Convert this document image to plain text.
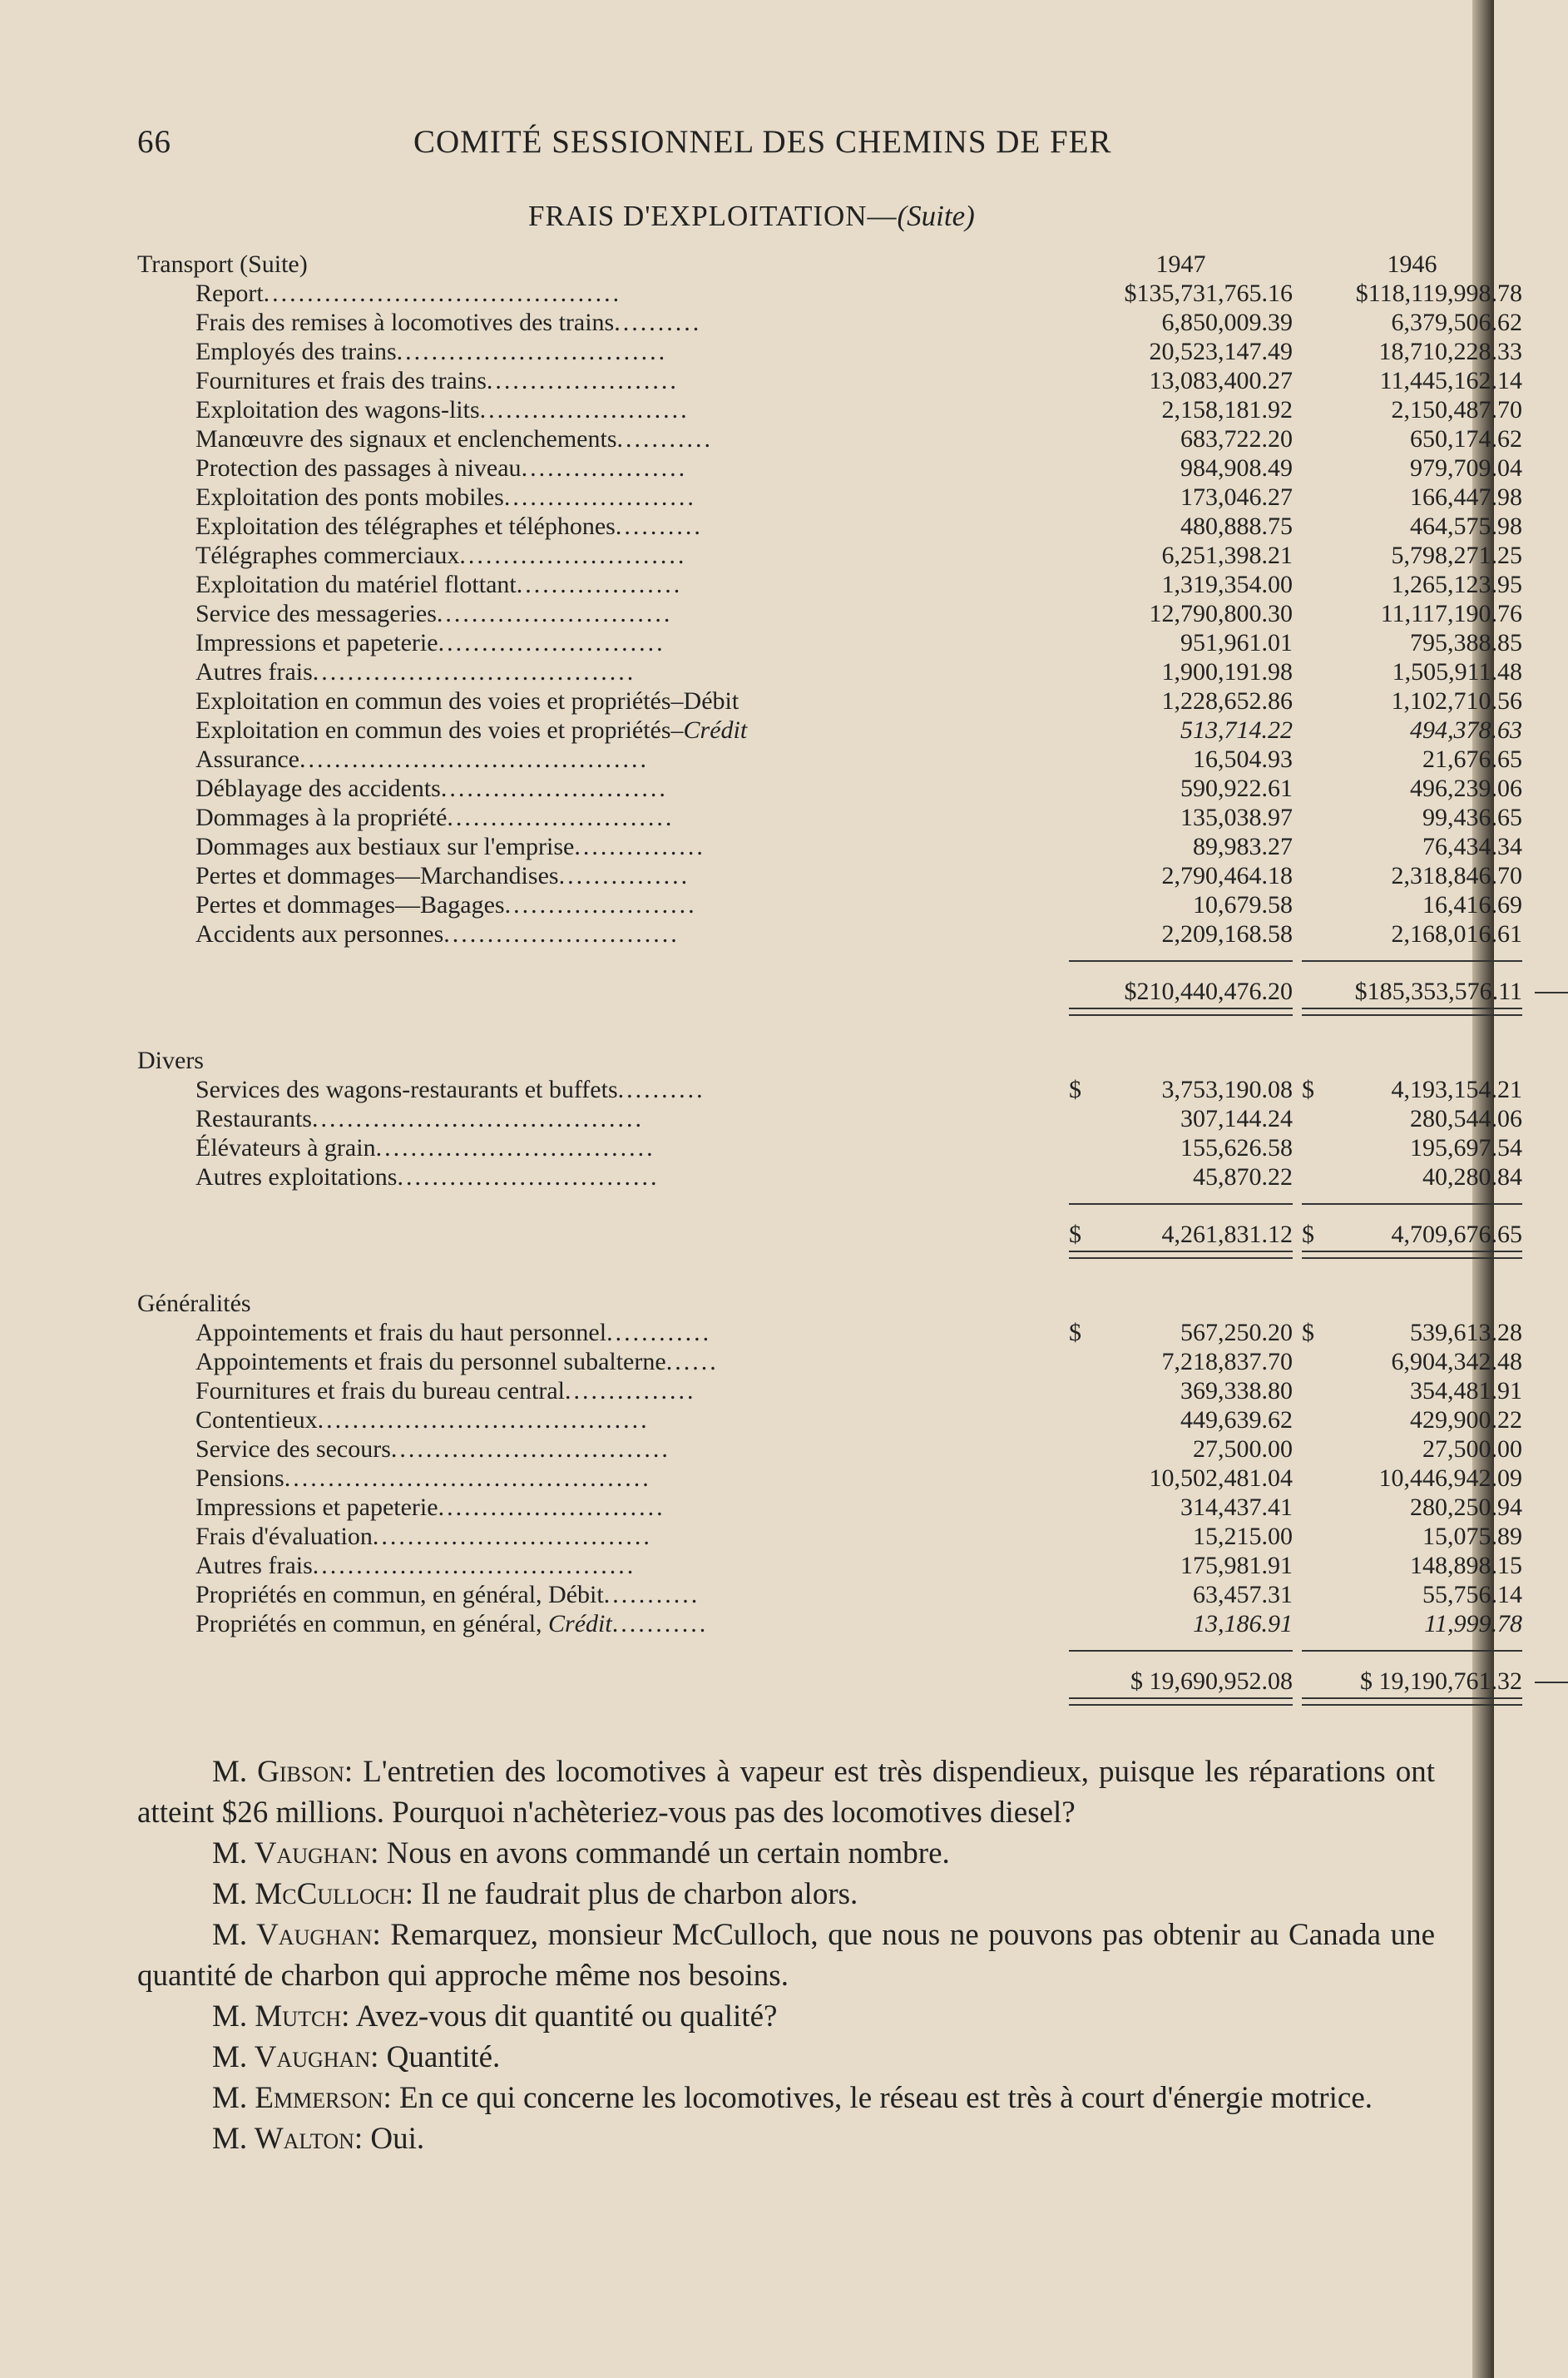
66	COMITÉ SESSIONNEL DES CHEMINS DE FER
FRAIS D'EXPLOITATION—(Suite)
Transport (Suite)	1947	1946
Report.........................................	$135,731,765.16	$118,119,998.78
Frais des remises à locomotives des trains..........	6,850,009.39	6,379,506.62
Employés des trains...............................	20,523,147.49	18,710,228.33
Fournitures et frais des trains......................	13,083,400.27	11,445,162.14
Exploitation des wagons-lits........................	2,158,181.92	2,150,487.70
Manœuvre des signaux et enclenchements...........	683,722.20	650,174.62
Protection des passages à niveau...................	984,908.49	979,709.04
Exploitation des ponts mobiles......................	173,046.27	166,447.98
Exploitation des télégraphes et téléphones..........	480,888.75	464,575.98
Télégraphes commerciaux..........................	6,251,398.21	5,798,271.25
Exploitation du matériel flottant...................	1,319,354.00	1,265,123.95
Service des messageries...........................	12,790,800.30	11,117,190.76
Impressions et papeterie..........................	951,961.01	795,388.85
Autres frais.....................................	1,900,191.98	1,505,911.48
Exploitation en commun des voies et propriétés–Débit	1,228,652.86	1,102,710.56
Exploitation en commun des voies et propriétés–Crédit	513,714.22	494,378.63
Assurance........................................	16,504.93	21,676.65
Déblayage des accidents..........................	590,922.61	496,239.06
Dommages à la propriété..........................	135,038.97	99,436.65
Dommages aux bestiaux sur l'emprise...............	89,983.27	76,434.34
Pertes et dommages—Marchandises...............	2,790,464.18	2,318,846.70
Pertes et dommages—Bagages......................	10,679.58	16,416.69
Accidents aux personnes...........................	2,209,168.58	2,168,016.61
$210,440,476.20	$185,353,576.11
Divers
Services des wagons-restaurants et buffets..........	$	3,753,190.08 $	4,193,154.21
Restaurants......................................	307,144.24	280,544.06
Élévateurs à grain................................	155,626.58	195,697.54
Autres exploitations..............................	45,870.22	40,280.84
$	4,261,831.12 $	4,709,676.65
Généralités
Appointements et frais du haut personnel............	$	567,250.20 $	539,613.28
Appointements et frais du personnel subalterne......	7,218,837.70	6,904,342.48
Fournitures et frais du bureau central...............	369,338.80	354,481.91
Contentieux......................................	449,639.62	429,900.22
Service des secours................................	27,500.00	27,500.00
Pensions..........................................	10,502,481.04	10,446,942.09
Impressions et papeterie..........................	314,437.41	280,250.94
Frais d'évaluation................................	15,215.00	15,075.89
Autres frais.....................................	175,981.91	148,898.15
Propriétés en commun, en général, Débit...........	63,457.31	55,756.14
Propriétés en commun, en général, Crédit...........	13,186.91	11,999.78
$ 19,690,952.08	$ 19,190,761.32

M. Gibson: L'entretien des locomotives à vapeur est très dispendieux, puisque les réparations ont atteint $26 millions. Pourquoi n'achèteriez-vous pas des locomotives diesel?

M. Vaughan: Nous en avons commandé un certain nombre.

M. McCulloch: Il ne faudrait plus de charbon alors.

M. Vaughan: Remarquez, monsieur McCulloch, que nous ne pouvons pas obtenir au Canada une quantité de charbon qui approche même nos besoins.

M. Mutch: Avez-vous dit quantité ou qualité?

M. Vaughan: Quantité.

M. Emmerson: En ce qui concerne les locomotives, le réseau est très à court d'énergie motrice.

M. Walton: Oui.
